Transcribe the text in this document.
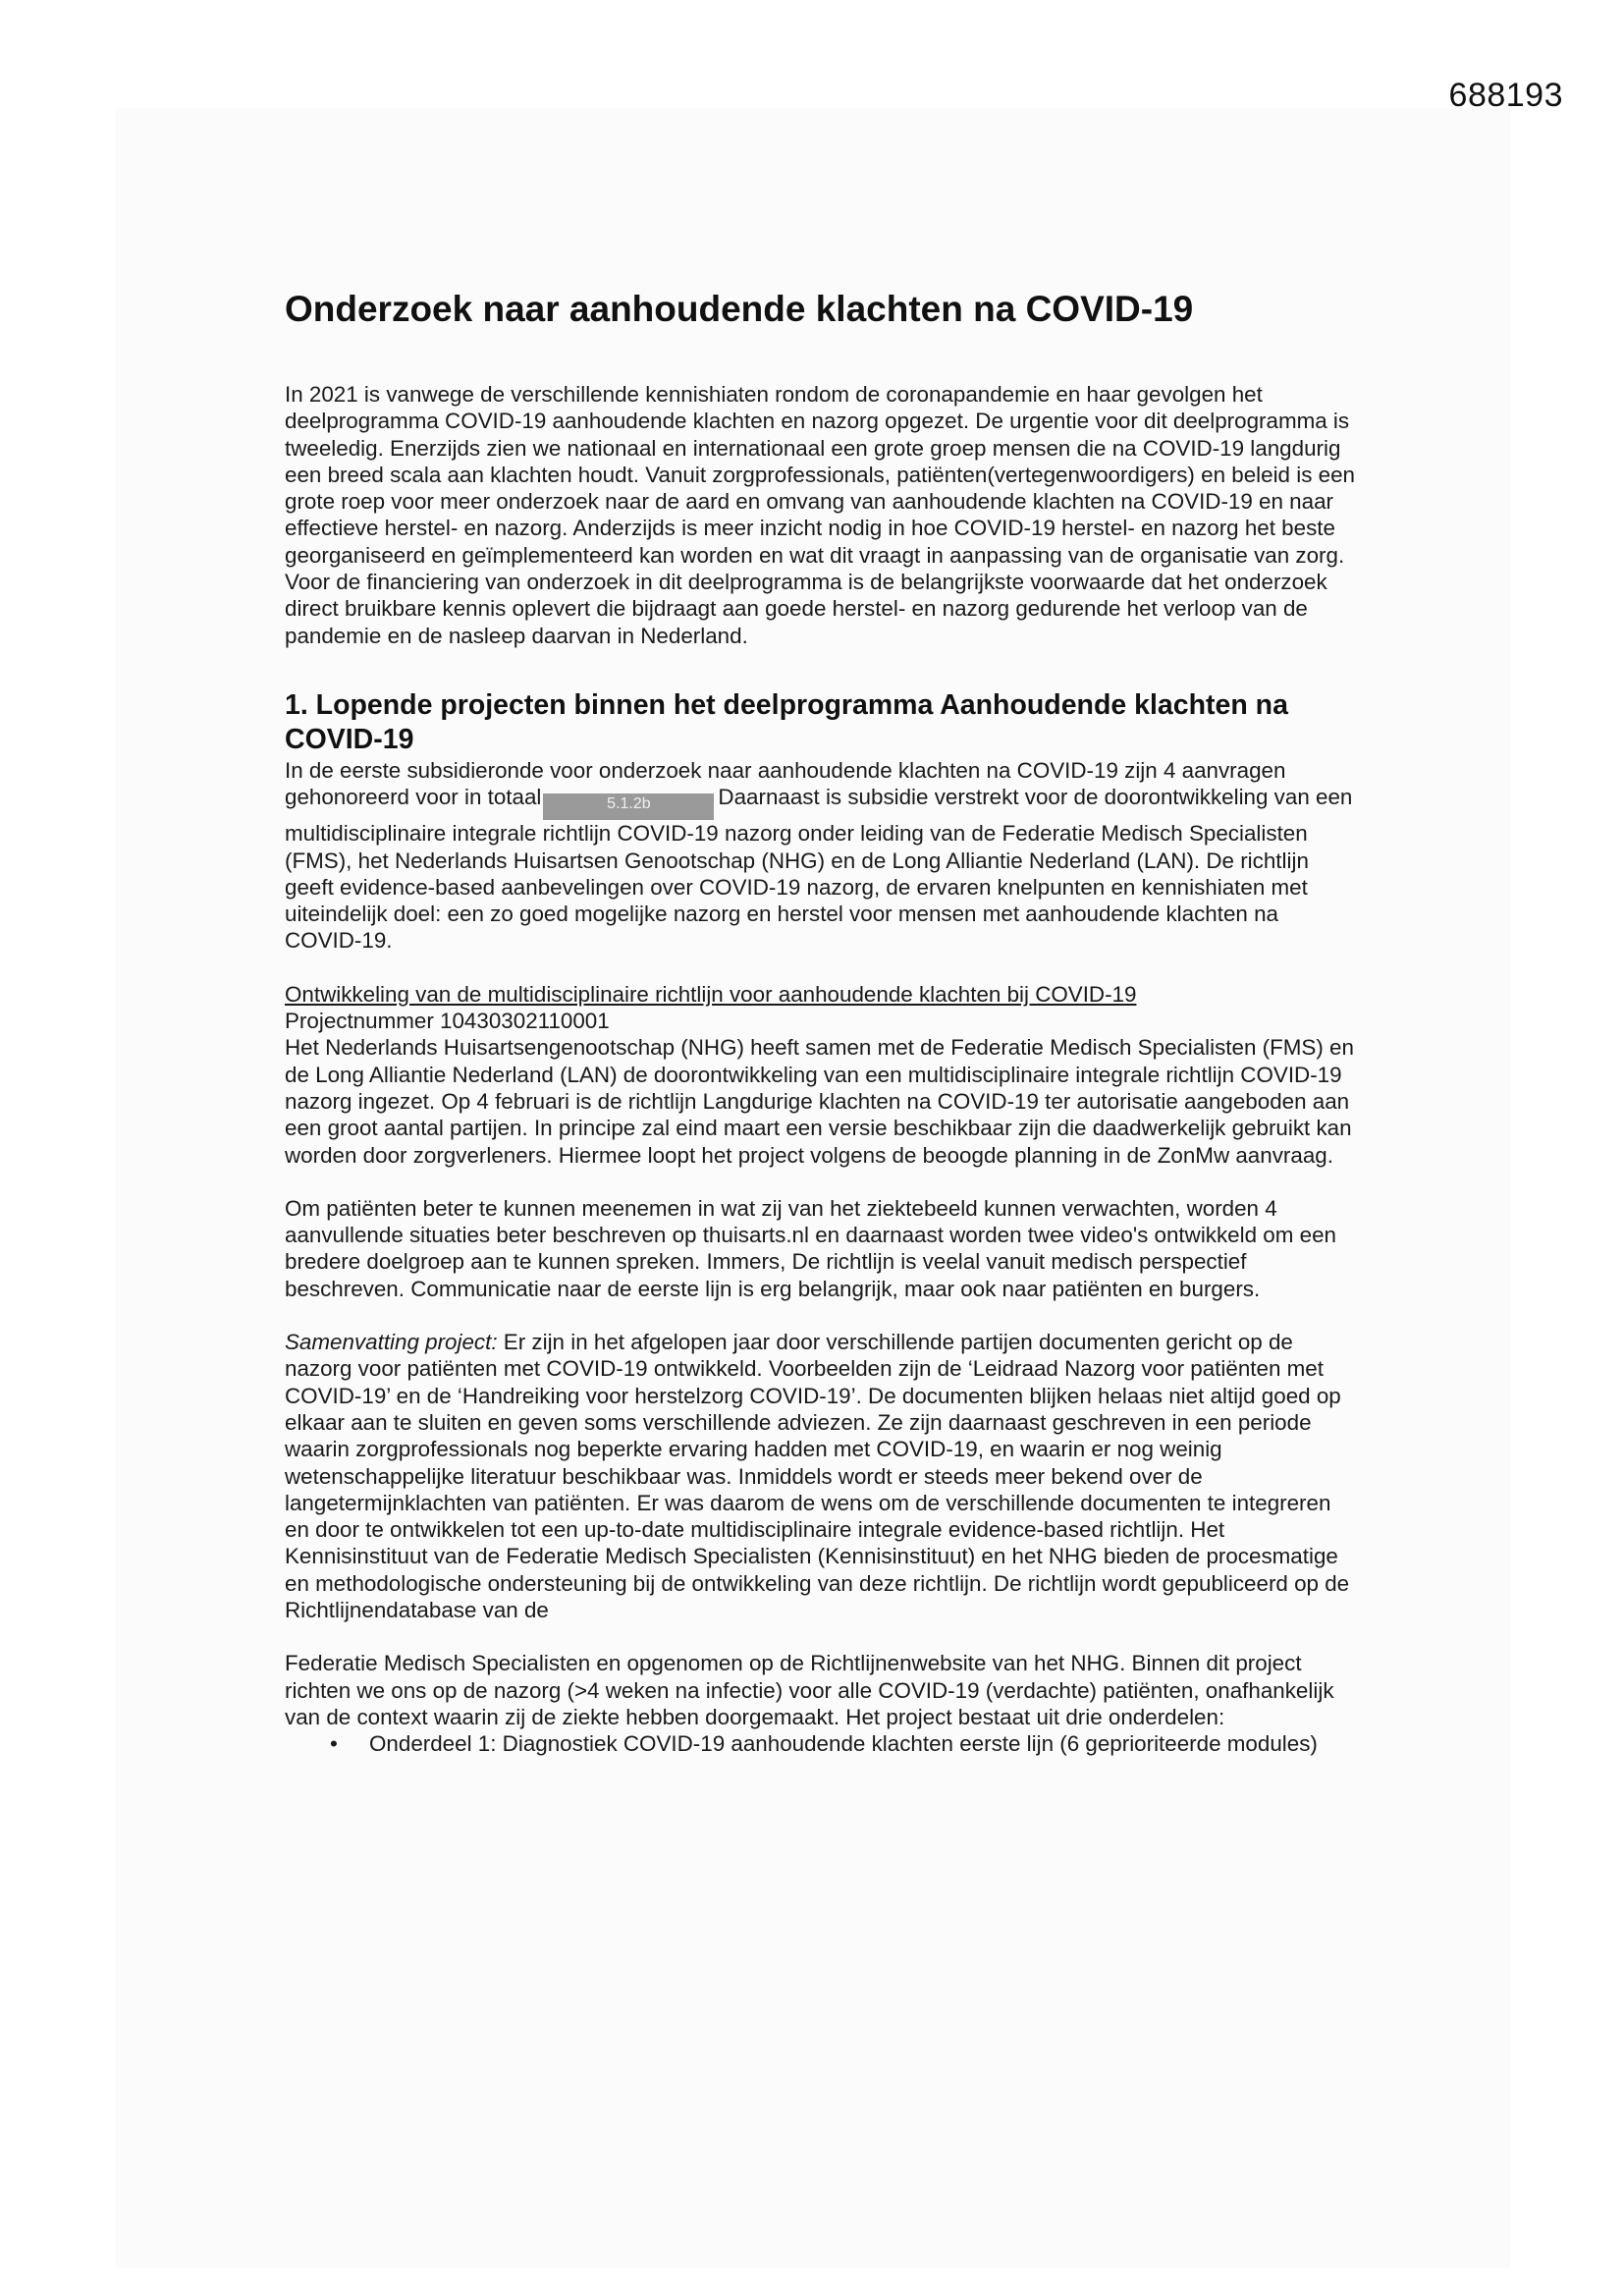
688193
Onderzoek naar aanhoudende klachten na COVID-19

In 2021 is vanwege de verschillende kennishiaten rondom de coronapandemie en haar gevolgen het deelprogramma COVID-19 aanhoudende klachten en nazorg opgezet. De urgentie voor dit deelprogramma is tweeledig. Enerzijds zien we nationaal en internationaal een grote groep mensen die na COVID-19 langdurig een breed scala aan klachten houdt. Vanuit zorgprofessionals, patiënten(vertegenwoordigers) en beleid is een grote roep voor meer onderzoek naar de aard en omvang van aanhoudende klachten na COVID-19 en naar effectieve herstel- en nazorg. Anderzijds is meer inzicht nodig in hoe COVID-19 herstel- en nazorg het beste georganiseerd en geïmplementeerd kan worden en wat dit vraagt in aanpassing van de organisatie van zorg. Voor de financiering van onderzoek in dit deelprogramma is de belangrijkste voorwaarde dat het onderzoek direct bruikbare kennis oplevert die bijdraagt aan goede herstel- en nazorg gedurende het verloop van de pandemie en de nasleep daarvan in Nederland.

1. Lopende projecten binnen het deelprogramma Aanhoudende klachten na COVID-19

In de eerste subsidieronde voor onderzoek naar aanhoudende klachten na COVID-19 zijn 4 aanvragen gehonoreerd voor in totaal	5.1.2b	Daarnaast is subsidie verstrekt voor de doorontwikkeling van een multidisciplinaire integrale richtlijn COVID-19 nazorg onder leiding van de Federatie Medisch Specialisten (FMS), het Nederlands Huisartsen Genootschap (NHG) en de Long Alliantie Nederland (LAN). De richtlijn geeft evidence-based aanbevelingen over COVID-19 nazorg, de ervaren knelpunten en kennishiaten met uiteindelijk doel: een zo goed mogelijke nazorg en herstel voor mensen met aanhoudende klachten na COVID-19.

Ontwikkeling van de multidisciplinaire richtlijn voor aanhoudende klachten bij COVID-19

Projectnummer 10430302110001

Het Nederlands Huisartsengenootschap (NHG) heeft samen met de Federatie Medisch Specialisten (FMS) en de Long Alliantie Nederland (LAN) de doorontwikkeling van een multidisciplinaire integrale richtlijn COVID-19 nazorg ingezet. Op 4 februari is de richtlijn Langdurige klachten na COVID-19 ter autorisatie aangeboden aan een groot aantal partijen. In principe zal eind maart een versie beschikbaar zijn die daadwerkelijk gebruikt kan worden door zorgverleners. Hiermee loopt het project volgens de beoogde planning in de ZonMw aanvraag.

Om patiënten beter te kunnen meenemen in wat zij van het ziektebeeld kunnen verwachten, worden 4 aanvullende situaties beter beschreven op thuisarts.nl en daarnaast worden twee video's ontwikkeld om een bredere doelgroep aan te kunnen spreken. Immers, De richtlijn is veelal vanuit medisch perspectief beschreven. Communicatie naar de eerste lijn is erg belangrijk, maar ook naar patiënten en burgers.

Samenvatting project: Er zijn in het afgelopen jaar door verschillende partijen documenten gericht op de nazorg voor patiënten met COVID-19 ontwikkeld. Voorbeelden zijn de ‘Leidraad Nazorg voor patiënten met COVID-19’ en de ‘Handreiking voor herstelzorg COVID-19’. De documenten blijken helaas niet altijd goed op elkaar aan te sluiten en geven soms verschillende adviezen. Ze zijn daarnaast geschreven in een periode waarin zorgprofessionals nog beperkte ervaring hadden met COVID-19, en waarin er nog weinig wetenschappelijke literatuur beschikbaar was. Inmiddels wordt er steeds meer bekend over de langetermijnklachten van patiënten. Er was daarom de wens om de verschillende documenten te integreren en door te ontwikkelen tot een up-to-date multidisciplinaire integrale evidence-based richtlijn. Het Kennisinstituut van de Federatie Medisch Specialisten (Kennisinstituut) en het NHG bieden de procesmatige en methodologische ondersteuning bij de ontwikkeling van deze richtlijn. De richtlijn wordt gepubliceerd op de Richtlijnendatabase van de

Federatie Medisch Specialisten en opgenomen op de Richtlijnenwebsite van het NHG. Binnen dit project richten we ons op de nazorg (>4 weken na infectie) voor alle COVID-19 (verdachte) patiënten, onafhankelijk van de context waarin zij de ziekte hebben doorgemaakt. Het project bestaat uit drie onderdelen:

• Onderdeel 1: Diagnostiek COVID-19 aanhoudende klachten eerste lijn (6 geprioriteerde modules)
